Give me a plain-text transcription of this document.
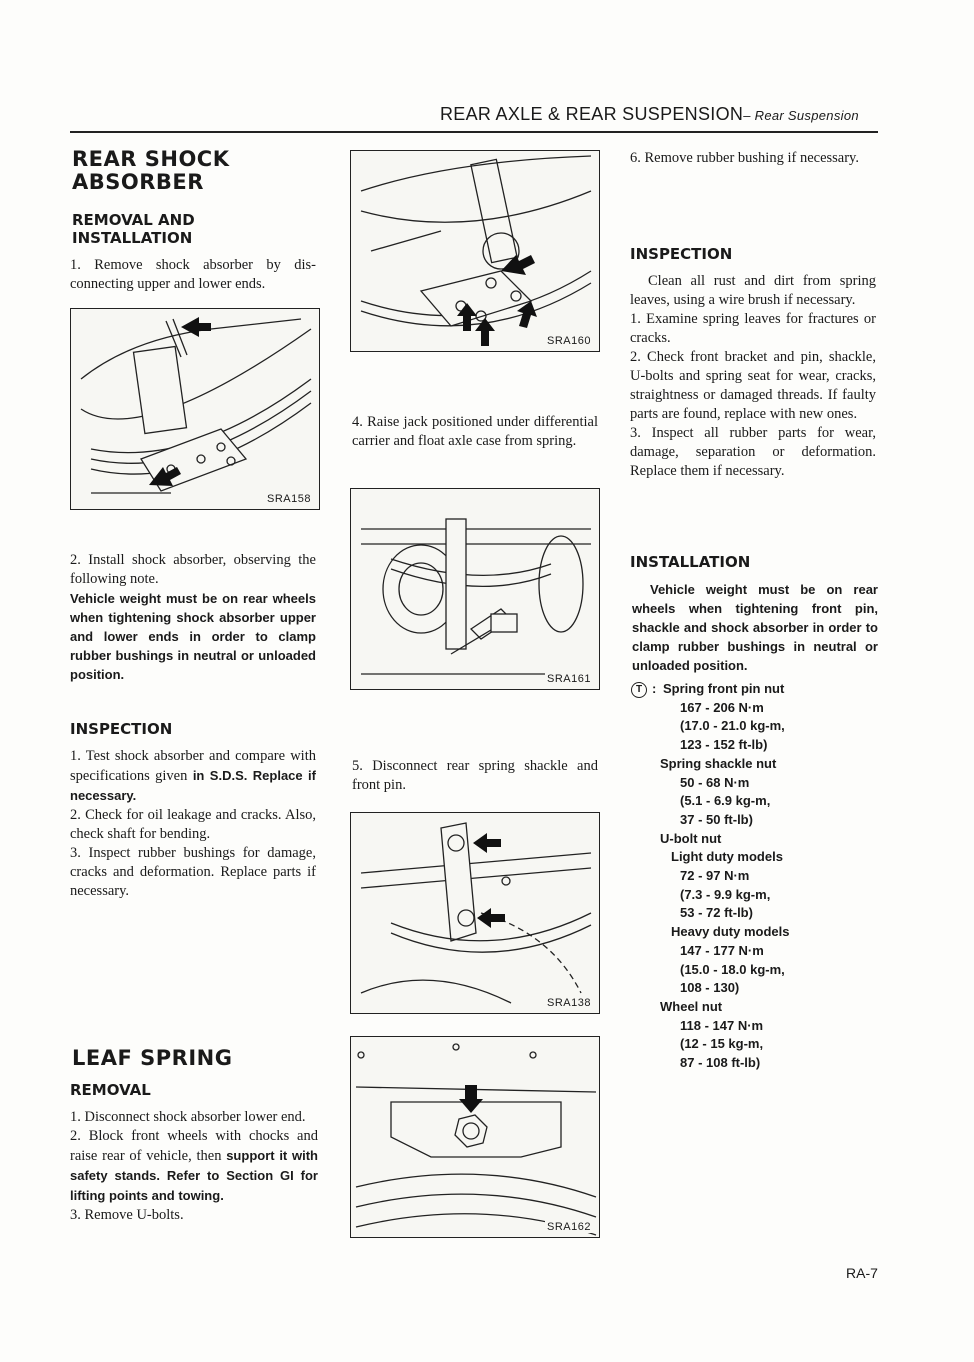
REAR AXLE & REAR SUSPENSION– Rear Suspension
REAR SHOCK
ABSORBER
REMOVAL AND
INSTALLATION
1. Remove shock absorber by disconnecting upper and lower ends.
SRA158
2. Install shock absorber, observing the following note.
Vehicle weight must be on rear wheels when tightening shock absorber upper and lower ends in order to clamp rubber bushings in neutral or unloaded position.
INSPECTION

1. Test shock absorber and compare with specifications given in S.D.S. Replace if necessary.

2. Check for oil leakage and cracks. Also, check shaft for bending.

3. Inspect rubber bushings for damage, cracks and deformation. Replace parts if necessary.

LEAF SPRING
REMOVAL

1. Disconnect shock absorber lower end.

2. Block front wheels with chocks and raise rear of vehicle, then support it with safety stands. Refer to Section GI for lifting points and towing.

3. Remove U-bolts.

SRA160
4. Raise jack positioned under differential carrier and float axle case from spring.
SRA161
5. Disconnect rear spring shackle and front pin.
SRA138
SRA162
6. Remove rubber bushing if necessary.
INSPECTION

Clean all rust and dirt from spring leaves, using a wire brush if necessary.

1. Examine spring leaves for fractures or cracks.

2. Check front bracket and pin, shackle, U-bolts and spring seat for wear, cracks, straightness or damaged threads. If faulty parts are found, replace with new ones.

3. Inspect all rubber parts for wear, damage, separation or deformation. Replace them if necessary.

INSTALLATION
Vehicle weight must be on rear wheels when tightening front pin, shackle and shock absorber in order to clamp rubber bushings in neutral or unloaded position.
T : Spring front pin nut
167 - 206 N·m
(17.0 - 21.0 kg-m,
123 - 152 ft-lb)
Spring shackle nut
50 - 68 N·m
(5.1 - 6.9 kg-m,
37 - 50 ft-lb)
U-bolt nut
Light duty models
72 - 97 N·m
(7.3 - 9.9 kg-m,
53 - 72 ft-lb)
Heavy duty models
147 - 177 N·m
(15.0 - 18.0 kg-m,
108 - 130)
Wheel nut
118 - 147 N·m
(12 - 15 kg-m,
87 - 108 ft-lb)
RA-7
